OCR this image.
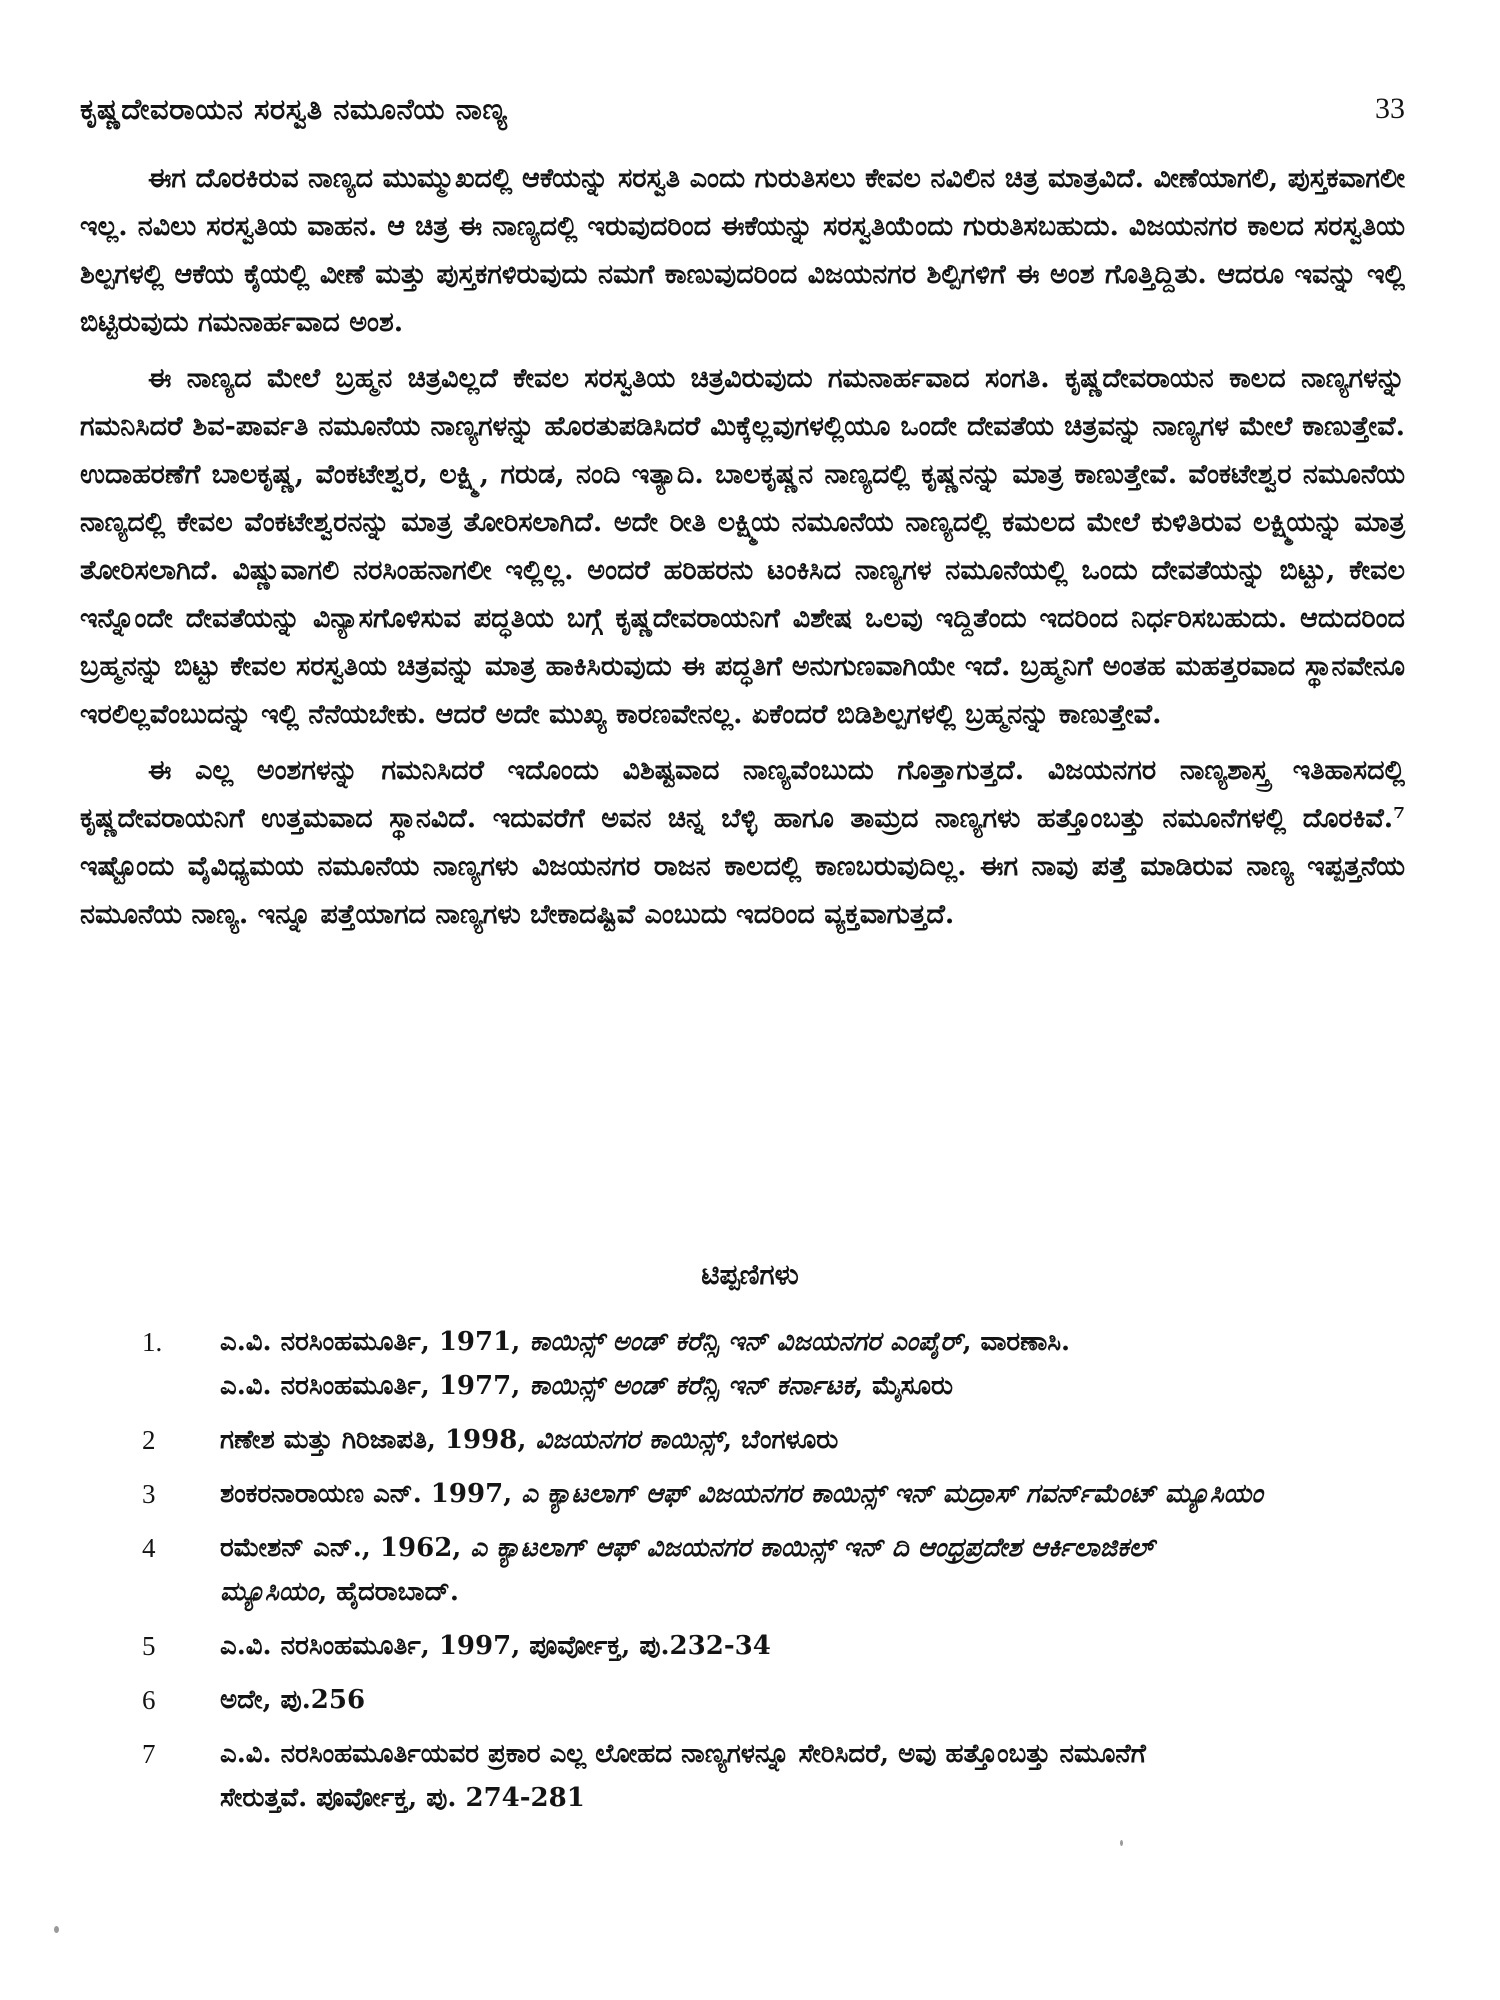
ಕೃಷ್ಣದೇವರಾಯನ ಸರಸ್ವತಿ ನಮೂನೆಯ ನಾಣ್ಯ	33

ಈಗ ದೊರಕಿರುವ ನಾಣ್ಯದ ಮುಮ್ಮುಖದಲ್ಲಿ ಆಕೆಯನ್ನು ಸರಸ್ವತಿ ಎಂದು ಗುರುತಿಸಲು ಕೇವಲ ನವಿಲಿನ ಚಿತ್ರ ಮಾತ್ರವಿದೆ. ವೀಣೆಯಾಗಲಿ, ಪುಸ್ತಕವಾಗಲೀ ಇಲ್ಲ. ನವಿಲು ಸರಸ್ವತಿಯ ವಾಹನ. ಆ ಚಿತ್ರ ಈ ನಾಣ್ಯದಲ್ಲಿ ಇರುವುದರಿಂದ ಈಕೆಯನ್ನು ಸರಸ್ವತಿಯೆಂದು ಗುರುತಿಸಬಹುದು. ವಿಜಯನಗರ ಕಾಲದ ಸರಸ್ವತಿಯ ಶಿಲ್ಪಗಳಲ್ಲಿ ಆಕೆಯ ಕೈಯಲ್ಲಿ ವೀಣೆ ಮತ್ತು ಪುಸ್ತಕಗಳಿರುವುದು ನಮಗೆ ಕಾಣುವುದರಿಂದ ವಿಜಯನಗರ ಶಿಲ್ಪಿಗಳಿಗೆ ಈ ಅಂಶ ಗೊತ್ತಿದ್ದಿತು. ಆದರೂ ಇವನ್ನು ಇಲ್ಲಿ ಬಿಟ್ಟಿರುವುದು ಗಮನಾರ್ಹವಾದ ಅಂಶ.

ಈ ನಾಣ್ಯದ ಮೇಲೆ ಬ್ರಹ್ಮನ ಚಿತ್ರವಿಲ್ಲದೆ ಕೇವಲ ಸರಸ್ವತಿಯ ಚಿತ್ರವಿರುವುದು ಗಮನಾರ್ಹವಾದ ಸಂಗತಿ. ಕೃಷ್ಣದೇವರಾಯನ ಕಾಲದ ನಾಣ್ಯಗಳನ್ನು ಗಮನಿಸಿದರೆ ಶಿವ-ಪಾರ್ವತಿ ನಮೂನೆಯ ನಾಣ್ಯಗಳನ್ನು ಹೊರತುಪಡಿಸಿದರೆ ಮಿಕ್ಕೆಲ್ಲವುಗಳಲ್ಲಿಯೂ ಒಂದೇ ದೇವತೆಯ ಚಿತ್ರವನ್ನು ನಾಣ್ಯಗಳ ಮೇಲೆ ಕಾಣುತ್ತೇವೆ. ಉದಾಹರಣೆಗೆ ಬಾಲಕೃಷ್ಣ, ವೆಂಕಟೇಶ್ವರ, ಲಕ್ಷ್ಮಿ, ಗರುಡ, ನಂದಿ ಇತ್ಯಾದಿ. ಬಾಲಕೃಷ್ಣನ ನಾಣ್ಯದಲ್ಲಿ ಕೃಷ್ಣನನ್ನು ಮಾತ್ರ ಕಾಣುತ್ತೇವೆ. ವೆಂಕಟೇಶ್ವರ ನಮೂನೆಯ ನಾಣ್ಯದಲ್ಲಿ ಕೇವಲ ವೆಂಕಟೇಶ್ವರನನ್ನು ಮಾತ್ರ ತೋರಿಸಲಾಗಿದೆ. ಅದೇ ರೀತಿ ಲಕ್ಷ್ಮಿಯ ನಮೂನೆಯ ನಾಣ್ಯದಲ್ಲಿ ಕಮಲದ ಮೇಲೆ ಕುಳಿತಿರುವ ಲಕ್ಷ್ಮಿಯನ್ನು ಮಾತ್ರ ತೋರಿಸಲಾಗಿದೆ. ವಿಷ್ಣುವಾಗಲಿ ನರಸಿಂಹನಾಗಲೀ ಇಲ್ಲಿಲ್ಲ. ಅಂದರೆ ಹರಿಹರನು ಟಂಕಿಸಿದ ನಾಣ್ಯಗಳ ನಮೂನೆಯಲ್ಲಿ ಒಂದು ದೇವತೆಯನ್ನು ಬಿಟ್ಟು, ಕೇವಲ ಇನ್ನೊಂದೇ ದೇವತೆಯನ್ನು ವಿನ್ಯಾಸಗೊಳಿಸುವ ಪದ್ಧತಿಯ ಬಗ್ಗೆ ಕೃಷ್ಣದೇವರಾಯನಿಗೆ ವಿಶೇಷ ಒಲವು ಇದ್ದಿತೆಂದು ಇದರಿಂದ ನಿರ್ಧರಿಸಬಹುದು. ಆದುದರಿಂದ ಬ್ರಹ್ಮನನ್ನು ಬಿಟ್ಟು ಕೇವಲ ಸರಸ್ವತಿಯ ಚಿತ್ರವನ್ನು ಮಾತ್ರ ಹಾಕಿಸಿರುವುದು ಈ ಪದ್ಧತಿಗೆ ಅನುಗುಣವಾಗಿಯೇ ಇದೆ. ಬ್ರಹ್ಮನಿಗೆ ಅಂತಹ ಮಹತ್ತರವಾದ ಸ್ಥಾನವೇನೂ ಇರಲಿಲ್ಲವೆಂಬುದನ್ನು ಇಲ್ಲಿ ನೆನೆಯಬೇಕು. ಆದರೆ ಅದೇ ಮುಖ್ಯ ಕಾರಣವೇನಲ್ಲ. ಏಕೆಂದರೆ ಬಿಡಿಶಿಲ್ಪಗಳಲ್ಲಿ ಬ್ರಹ್ಮನನ್ನು ಕಾಣುತ್ತೇವೆ.

ಈ ಎಲ್ಲ ಅಂಶಗಳನ್ನು ಗಮನಿಸಿದರೆ ಇದೊಂದು ವಿಶಿಷ್ಟವಾದ ನಾಣ್ಯವೆಂಬುದು ಗೊತ್ತಾಗುತ್ತದೆ. ವಿಜಯನಗರ ನಾಣ್ಯಶಾಸ್ತ್ರ ಇತಿಹಾಸದಲ್ಲಿ ಕೃಷ್ಣದೇವರಾಯನಿಗೆ ಉತ್ತಮವಾದ ಸ್ಥಾನವಿದೆ. ಇದುವರೆಗೆ ಅವನ ಚಿನ್ನ ಬೆಳ್ಳಿ ಹಾಗೂ ತಾಮ್ರದ ನಾಣ್ಯಗಳು ಹತ್ತೊಂಬತ್ತು ನಮೂನೆಗಳಲ್ಲಿ ದೊರಕಿವೆ.⁷ ಇಷ್ಟೊಂದು ವೈವಿಧ್ಯಮಯ ನಮೂನೆಯ ನಾಣ್ಯಗಳು ವಿಜಯನಗರ ರಾಜನ ಕಾಲದಲ್ಲಿ ಕಾಣಬರುವುದಿಲ್ಲ. ಈಗ ನಾವು ಪತ್ತೆ ಮಾಡಿರುವ ನಾಣ್ಯ ಇಪ್ಪತ್ತನೆಯ ನಮೂನೆಯ ನಾಣ್ಯ. ಇನ್ನೂ ಪತ್ತೆಯಾಗದ ನಾಣ್ಯಗಳು ಬೇಕಾದಷ್ಟಿವೆ ಎಂಬುದು ಇದರಿಂದ ವ್ಯಕ್ತವಾಗುತ್ತದೆ.

ಟಿಪ್ಪಣಿಗಳು
1. ಎ.ವಿ. ನರಸಿಂಹಮೂರ್ತಿ, 1971, ಕಾಯಿನ್ಸ್ ಅಂಡ್ ಕರೆನ್ಸಿ ಇನ್ ವಿಜಯನಗರ ಎಂಪೈರ್, ವಾರಣಾಸಿ.
ಎ.ವಿ. ನರಸಿಂಹಮೂರ್ತಿ, 1977, ಕಾಯಿನ್ಸ್ ಅಂಡ್ ಕರೆನ್ಸಿ ಇನ್ ಕರ್ನಾಟಕ, ಮೈಸೂರು
2 ಗಣೇಶ ಮತ್ತು ಗಿರಿಜಾಪತಿ, 1998, ವಿಜಯನಗರ ಕಾಯಿನ್ಸ್, ಬೆಂಗಳೂರು
3 ಶಂಕರನಾರಾಯಣ ಎನ್. 1997, ಎ ಕ್ಯಾಟಲಾಗ್ ಆಫ್ ವಿಜಯನಗರ ಕಾಯಿನ್ಸ್ ಇನ್ ಮದ್ರಾಸ್ ಗವರ್ನ್‌ಮೆಂಟ್ ಮ್ಯೂಸಿಯಂ
4 ರಮೇಶನ್ ಎನ್., 1962, ಎ ಕ್ಯಾಟಲಾಗ್ ಆಫ್ ವಿಜಯನಗರ ಕಾಯಿನ್ಸ್ ಇನ್ ದಿ ಆಂಧ್ರಪ್ರದೇಶ ಆರ್ಕಿಲಾಜಿಕಲ್
ಮ್ಯೂಸಿಯಂ, ಹೈದರಾಬಾದ್.
5 ಎ.ವಿ. ನರಸಿಂಹಮೂರ್ತಿ, 1997, ಪೂರ್ವೋಕ್ತ, ಪು.232-34
6 ಅದೇ, ಪು.256
7 ಎ.ವಿ. ನರಸಿಂಹಮೂರ್ತಿಯವರ ಪ್ರಕಾರ ಎಲ್ಲ ಲೋಹದ ನಾಣ್ಯಗಳನ್ನೂ ಸೇರಿಸಿದರೆ, ಅವು ಹತ್ತೊಂಬತ್ತು ನಮೂನೆಗೆ
ಸೇರುತ್ತವೆ. ಪೂರ್ವೋಕ್ತ, ಪು. 274-281
